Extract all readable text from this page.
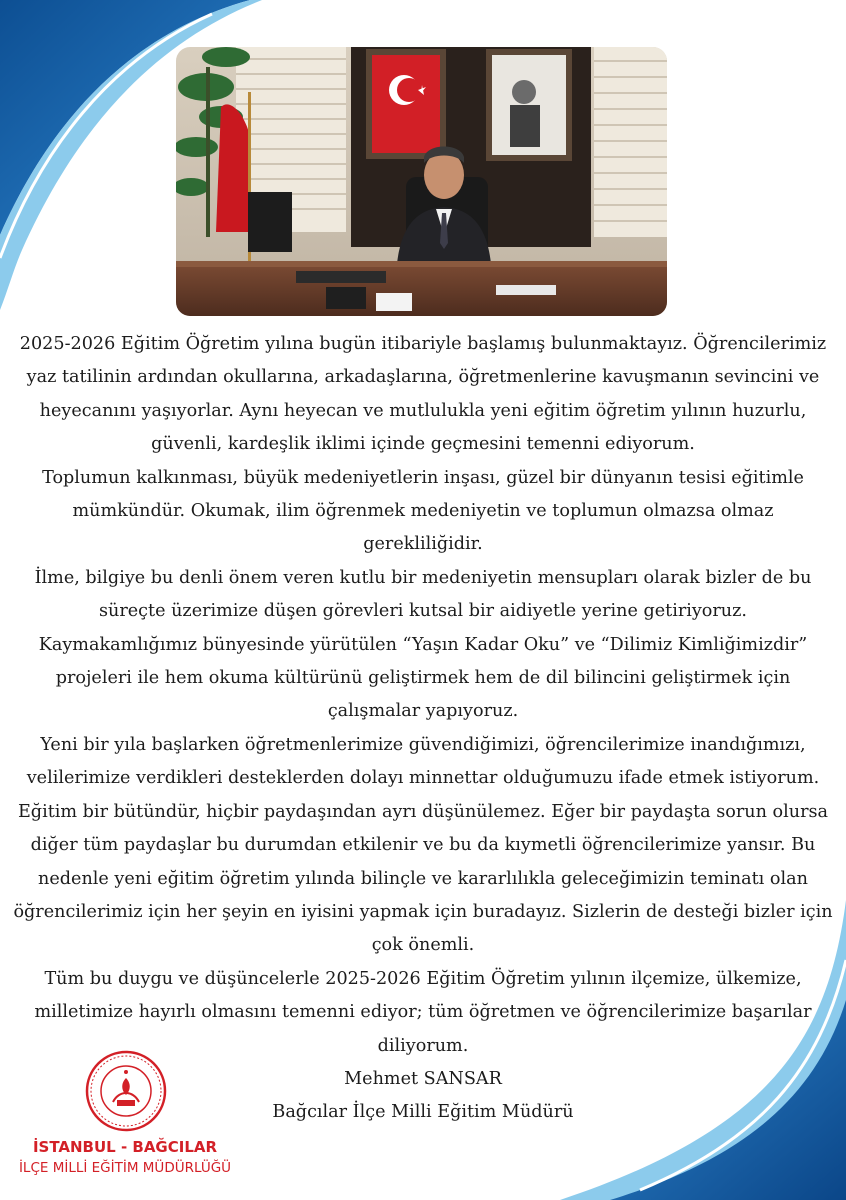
2025-2026 Eğitim Öğretim yılına bugün itibariyle başlamış bulunmaktayız. Öğrencilerimiz yaz tatilinin ardından okullarına, arkadaşlarına, öğretmenlerine kavuşmanın sevincini ve heyecanını yaşıyorlar. Aynı heyecan ve mutlulukla yeni eğitim öğretim yılının huzurlu, güvenli, kardeşlik iklimi içinde geçmesini temenni ediyorum.

Toplumun kalkınması, büyük medeniyetlerin inşası, güzel bir dünyanın tesisi eğitimle mümkündür. Okumak, ilim öğrenmek medeniyetin ve toplumun olmazsa olmaz gerekliliğidir.

İlme, bilgiye bu denli önem veren kutlu bir medeniyetin mensupları olarak bizler de bu süreçte üzerimize düşen görevleri kutsal bir aidiyetle yerine getiriyoruz.

Kaymakamlığımız bünyesinde yürütülen “Yaşın Kadar Oku” ve “Dilimiz Kimliğimizdir” projeleri ile hem okuma kültürünü geliştirmek hem de dil bilincini geliştirmek için çalışmalar yapıyoruz.

Yeni bir yıla başlarken öğretmenlerimize güvendiğimizi, öğrencilerimize inandığımızı, velilerimize verdikleri desteklerden dolayı minnettar olduğumuzu ifade etmek istiyorum. Eğitim bir bütündür, hiçbir paydaşından ayrı düşünülemez. Eğer bir paydaşta sorun olursa diğer tüm paydaşlar bu durumdan etkilenir ve bu da kıymetli öğrencilerimize yansır. Bu nedenle yeni eğitim öğretim yılında bilinçle ve kararlılıkla geleceğimizin teminatı olan öğrencilerimiz için her şeyin en iyisini yapmak için buradayız. Sizlerin de desteği bizler için çok önemli.

Tüm bu duygu ve düşüncelerle 2025-2026 Eğitim Öğretim yılının ilçemize, ülkemize, milletimize hayırlı olmasını temenni ediyor; tüm öğretmen ve öğrencilerimize başarılar diliyorum.

Mehmet SANSAR

Bağcılar İlçe Milli Eğitim Müdürü

İSTANBUL - BAĞCILAR
İLÇE MİLLİ EĞİTİM MÜDÜRLÜĞÜ
